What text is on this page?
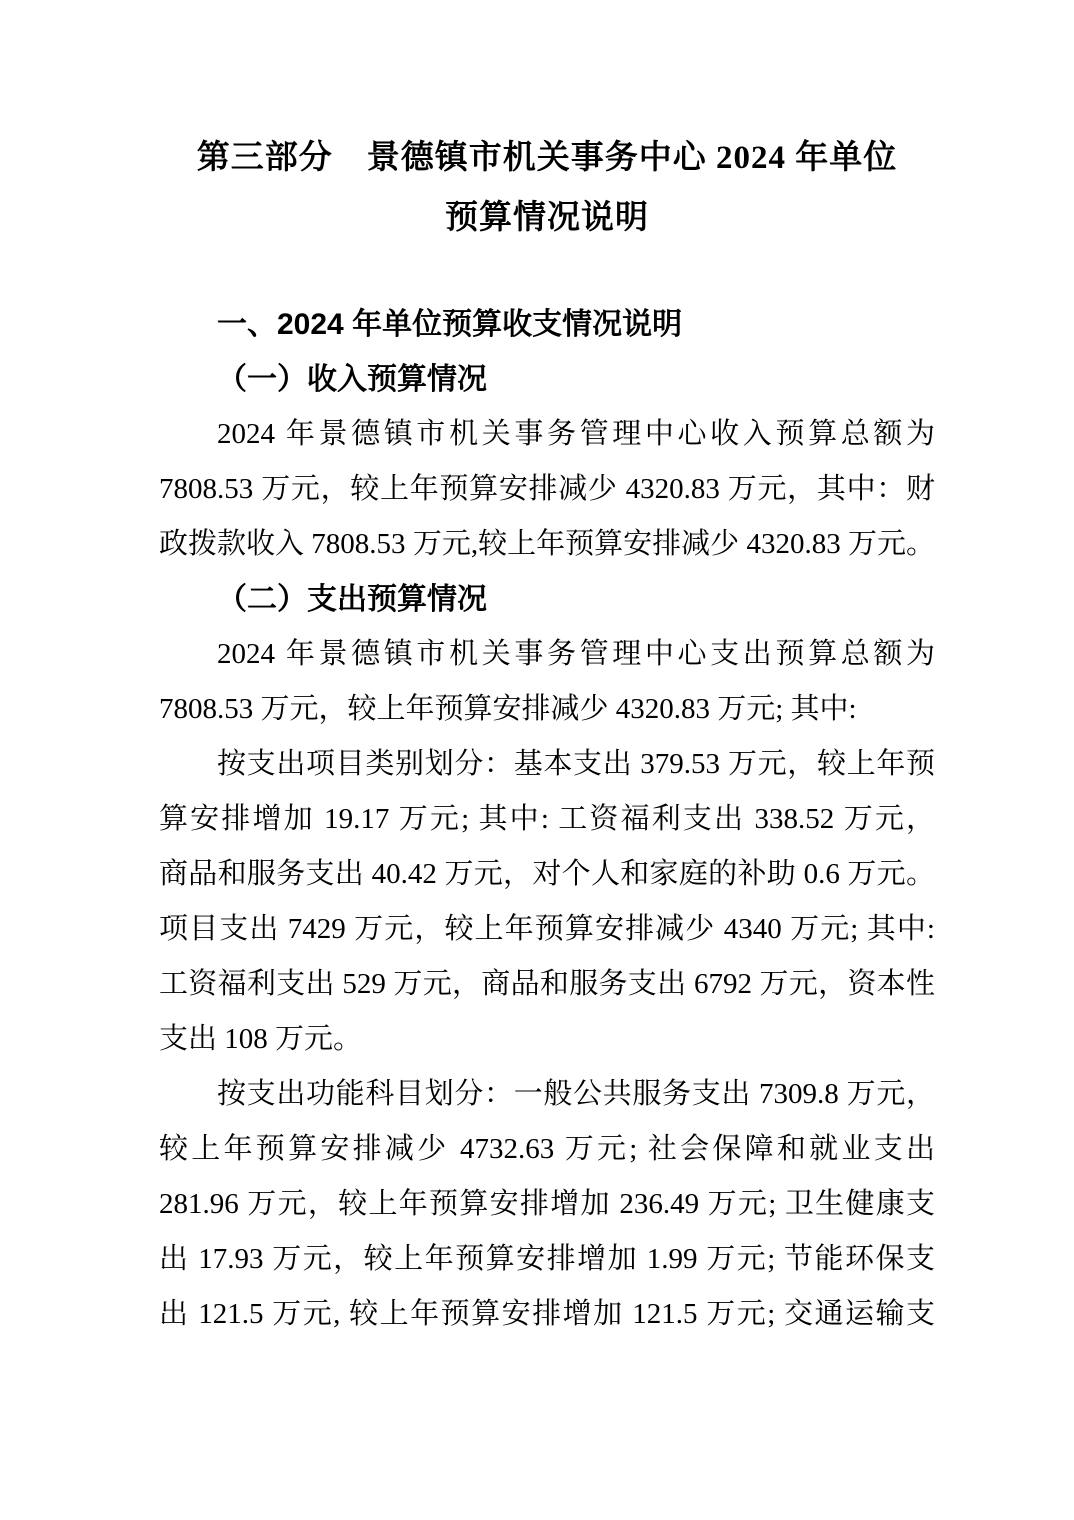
第三部分　景德镇市机关事务中心 2024 年单位
预算情况说明
一、2024 年单位预算收支情况说明
（一）收入预算情况
2024 年景德镇市机关事务管理中心收入预算总额为
7808.53 万元，较上年预算安排减少 4320.83 万元，其中：财
政拨款收入 7808.53 万元,较上年预算安排减少 4320.83 万元。
（二）支出预算情况
2024 年景德镇市机关事务管理中心支出预算总额为
7808.53 万元，较上年预算安排减少 4320.83 万元; 其中:
按支出项目类别划分：基本支出 379.53 万元，较上年预
算安排增加 19.17 万元; 其中: 工资福利支出 338.52 万元，
商品和服务支出 40.42 万元，对个人和家庭的补助 0.6 万元。
项目支出 7429 万元，较上年预算安排减少 4340 万元; 其中:
工资福利支出 529 万元，商品和服务支出 6792 万元，资本性
支出 108 万元。
按支出功能科目划分：一般公共服务支出 7309.8 万元，
较上年预算安排减少 4732.63 万元; 社会保障和就业支出
281.96 万元，较上年预算安排增加 236.49 万元; 卫生健康支
出 17.93 万元，较上年预算安排增加 1.99 万元; 节能环保支
出 121.5 万元, 较上年预算安排增加 121.5 万元; 交通运输支
